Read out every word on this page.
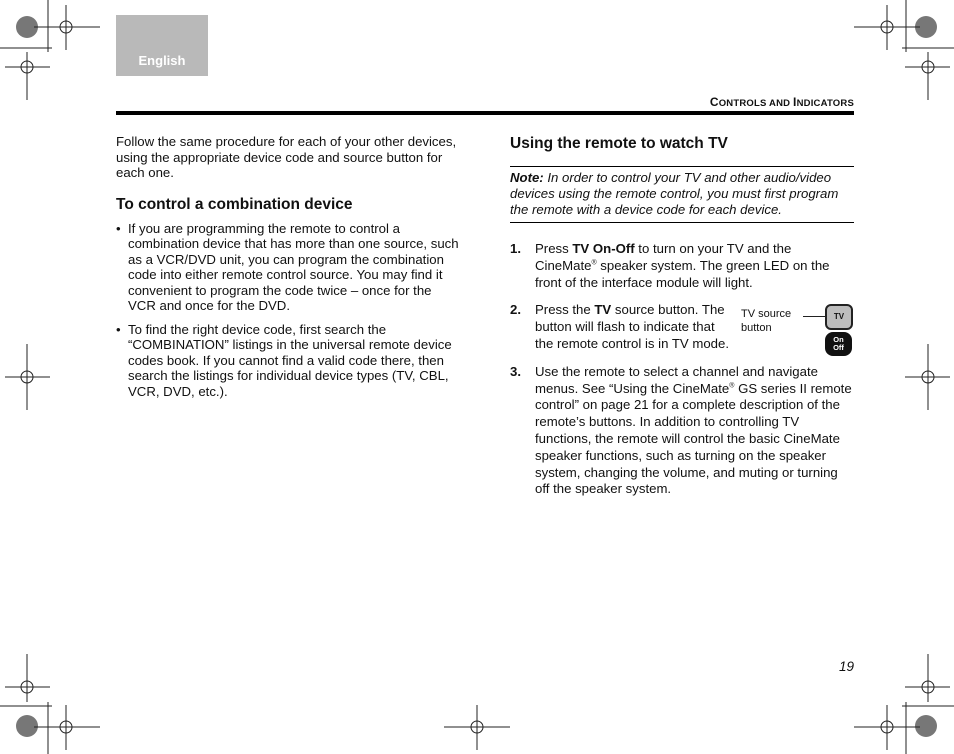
English
CONTROLS AND INDICATORS

Follow the same procedure for each of your other devices, using the appropriate device code and source button for each one.

To control a combination device
• If you are programming the remote to control a combination device that has more than one source, such as a VCR/DVD unit, you can program the combination code into either remote control source. You may find it convenient to program the code twice – once for the VCR and once for the DVD.
• To find the right device code, first search the “COMBINATION” listings in the universal remote device codes book. If you cannot find a valid code there, then search the listings for individual device types (TV, CBL, VCR, DVD, etc.).
Using the remote to watch TV
Note: In order to control your TV and other audio/video devices using the remote control, you must first program the remote with a device code for each device.
1. Press TV On-Off to turn on your TV and the CineMate® speaker system. The green LED on the front of the interface module will light.
2. Press the TV source button. The button will flash to indicate that the remote control is in TV mode.
TV source
button
TV
On
Off
3. Use the remote to select a channel and navigate menus. See “Using the CineMate® GS series II remote control” on page 21 for a complete description of the remote’s buttons. In addition to controlling TV functions, the remote will control the basic CineMate speaker functions, such as turning on the speaker system, changing the volume, and muting or turning off the speaker system.
19
